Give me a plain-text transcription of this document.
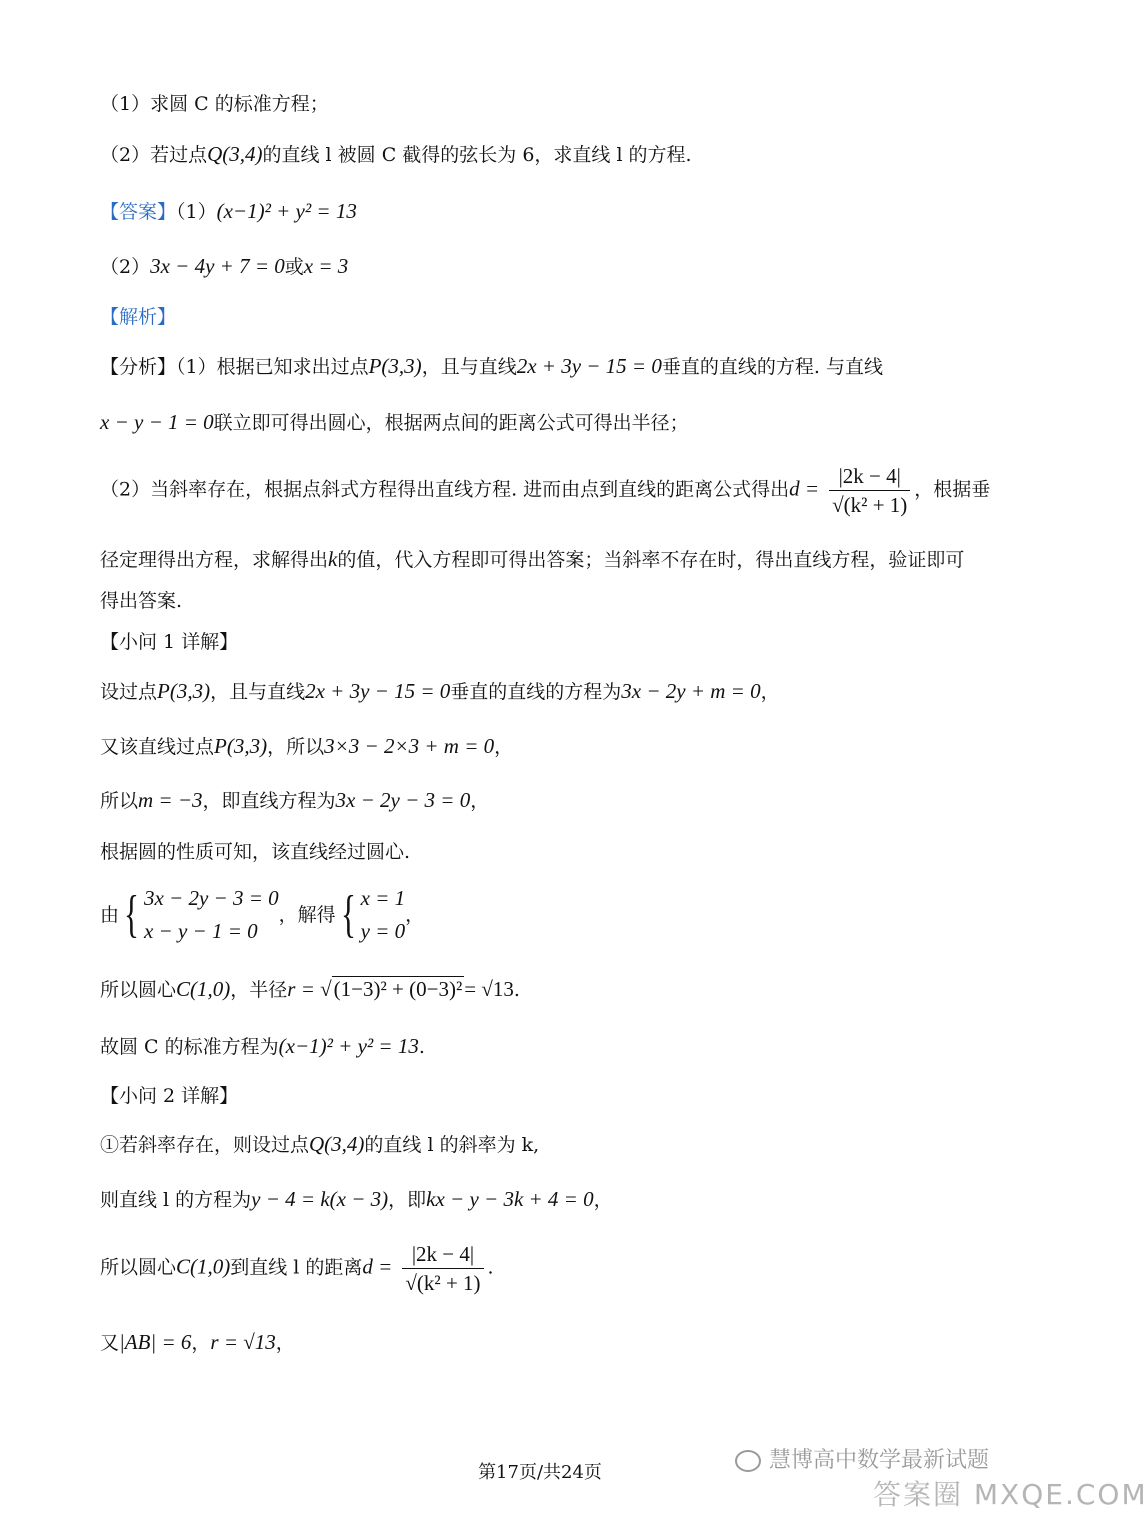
（1）求圆 C 的标准方程；
（2）若过点Q(3,4)的直线 l 被圆 C 截得的弦长为 6，求直线 l 的方程.
【答案】（1）(x−1)² + y² = 13
（2）3x − 4y + 7 = 0或x = 3
【解析】
【分析】（1）根据已知求出过点P(3,3)，且与直线2x + 3y − 15 = 0垂直的直线的方程. 与直线
x − y − 1 = 0联立即可得出圆心，根据两点间的距离公式可得出半径；
（2）当斜率存在，根据点斜式方程得出直线方程. 进而由点到直线的距离公式得出$d = \frac{|2k - 4|}{\text{√(k² + 1)}}$ ，根据垂
径定理得出方程，求解得出k的值，代入方程即可得出答案；当斜率不存在时，得出直线方程，验证即可
得出答案.
【小问 1 详解】
设过点P(3,3)，且与直线2x + 3y − 15 = 0垂直的直线的方程为3x − 2y + m = 0，
又该直线过点P(3,3)，所以3×3 − 2×3 + m = 0，
所以m = −3，即直线方程为3x − 2y − 3 = 0，
根据圆的性质可知，该直线经过圆心.
由{ 3x − 2y − 3 = 0
x − y − 1 = 0，解得{ x = 1
y = 0，
所以圆心C(1,0)，半径r = √(1−3)² + (0−3)²= √13.
故圆 C 的标准方程为(x−1)² + y² = 13.
【小问 2 详解】
①若斜率存在，则设过点Q(3,4)的直线 l 的斜率为 k,
则直线 l 的方程为y − 4 = k(x − 3)，即kx − y − 3k + 4 = 0，
所以圆心C(1,0)到直线 l 的距离$d = \frac{|2k - 4|}{\text{√(k² + 1)}}$ .
又|AB| = 6，r = √13，
第17页/共24页	慧博高中数学最新试题
答案圈 MXQE.COM
